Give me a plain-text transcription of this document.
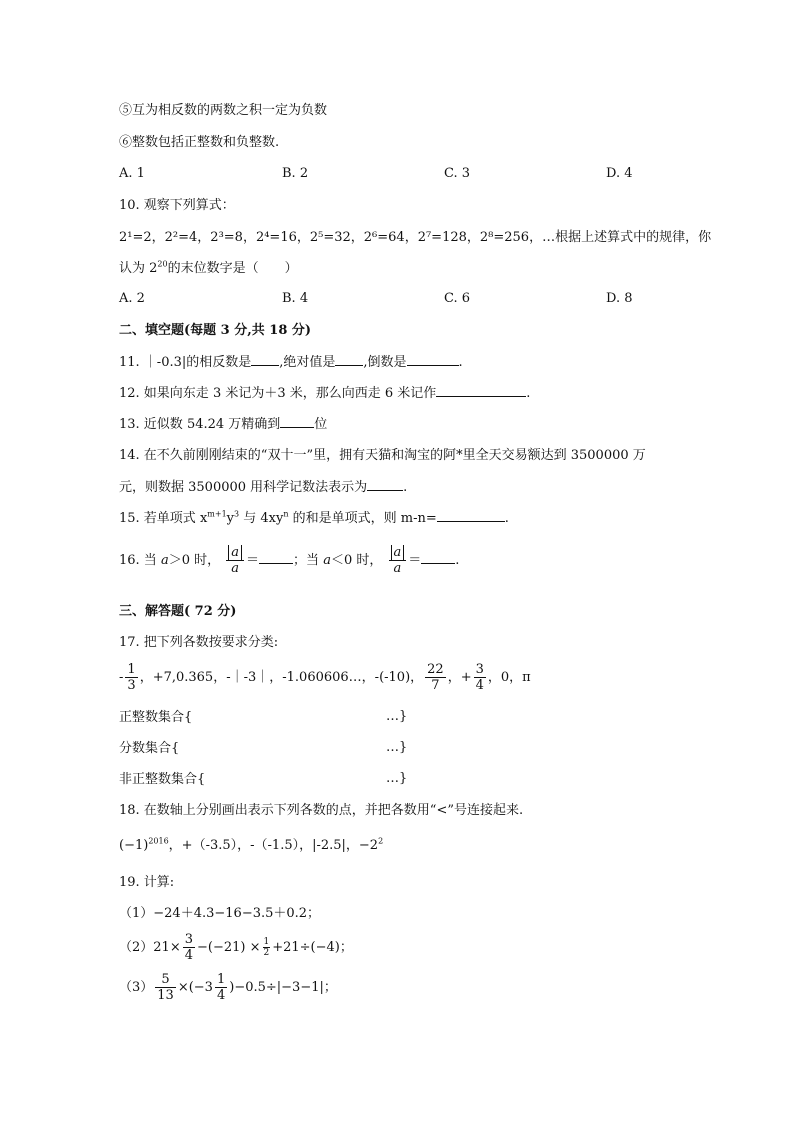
⑤互为相反数的两数之积一定为负数
⑥整数包括正整数和负整数.
A. 1	B. 2	C. 3	D. 4
10. 观察下列算式：
2¹=2，2²=4，2³=8，2⁴=16，2⁵=32，2⁶=64，2⁷=128，2⁸=256，…根据上述算式中的规律，你
认为 $2^{20}$的末位数字是（　　）
A. 2	B. 4	C. 6	D. 8
二、填空题(每题 3 分,共 18 分)
11. ｜-0.3|的相反数是 ,绝对值是 ,倒数是	.
12. 如果向东走 3 米记为＋3 米，那么向西走 6 米记作	.
13. 近似数 54.24 万精确到	位
14. 在不久前刚刚结束的“双十一”里，拥有天猫和淘宝的阿*里全天交易额达到 3500000 万
元，则数据 3500000 用科学记数法表示为	.
15. 若单项式 $x^{m+1}y^3$ 与 $4xy^n$ 的和是单项式，则 m-n=	.
16. 当 a＞0 时， $\frac{a}{a}$ ＝	；当 a＜0 时， $\frac{a}{a}$ ＝	.
三、解答题( 72 分)
17. 把下列各数按要求分类:
- $\frac{1}{3}$ ，+7,0.365，-｜-3｜，-1.060606…，-(-10)， $\frac{22}{7}$ ，+ $\frac{3}{4}$ ，0，π
正整数集合{	…}
分数集合{	…}
非正整数集合{	…}
18. 在数轴上分别画出表示下列各数的点，并把各数用“<”号连接起来.
$(-1)^{2016}$，+（-3.5），-（-1.5），|-2.5|，$-2^2$
19. 计算:
（1）−24＋4.3−16−3.5＋0.2；
$(2)21\times \frac{3}{4} -(-21) \times \frac{1}{2} +21\div(-4)$；
$(3) \frac{5}{13} \times(-3 \frac{1}{4} )-0.5\div|-3-1|$；
